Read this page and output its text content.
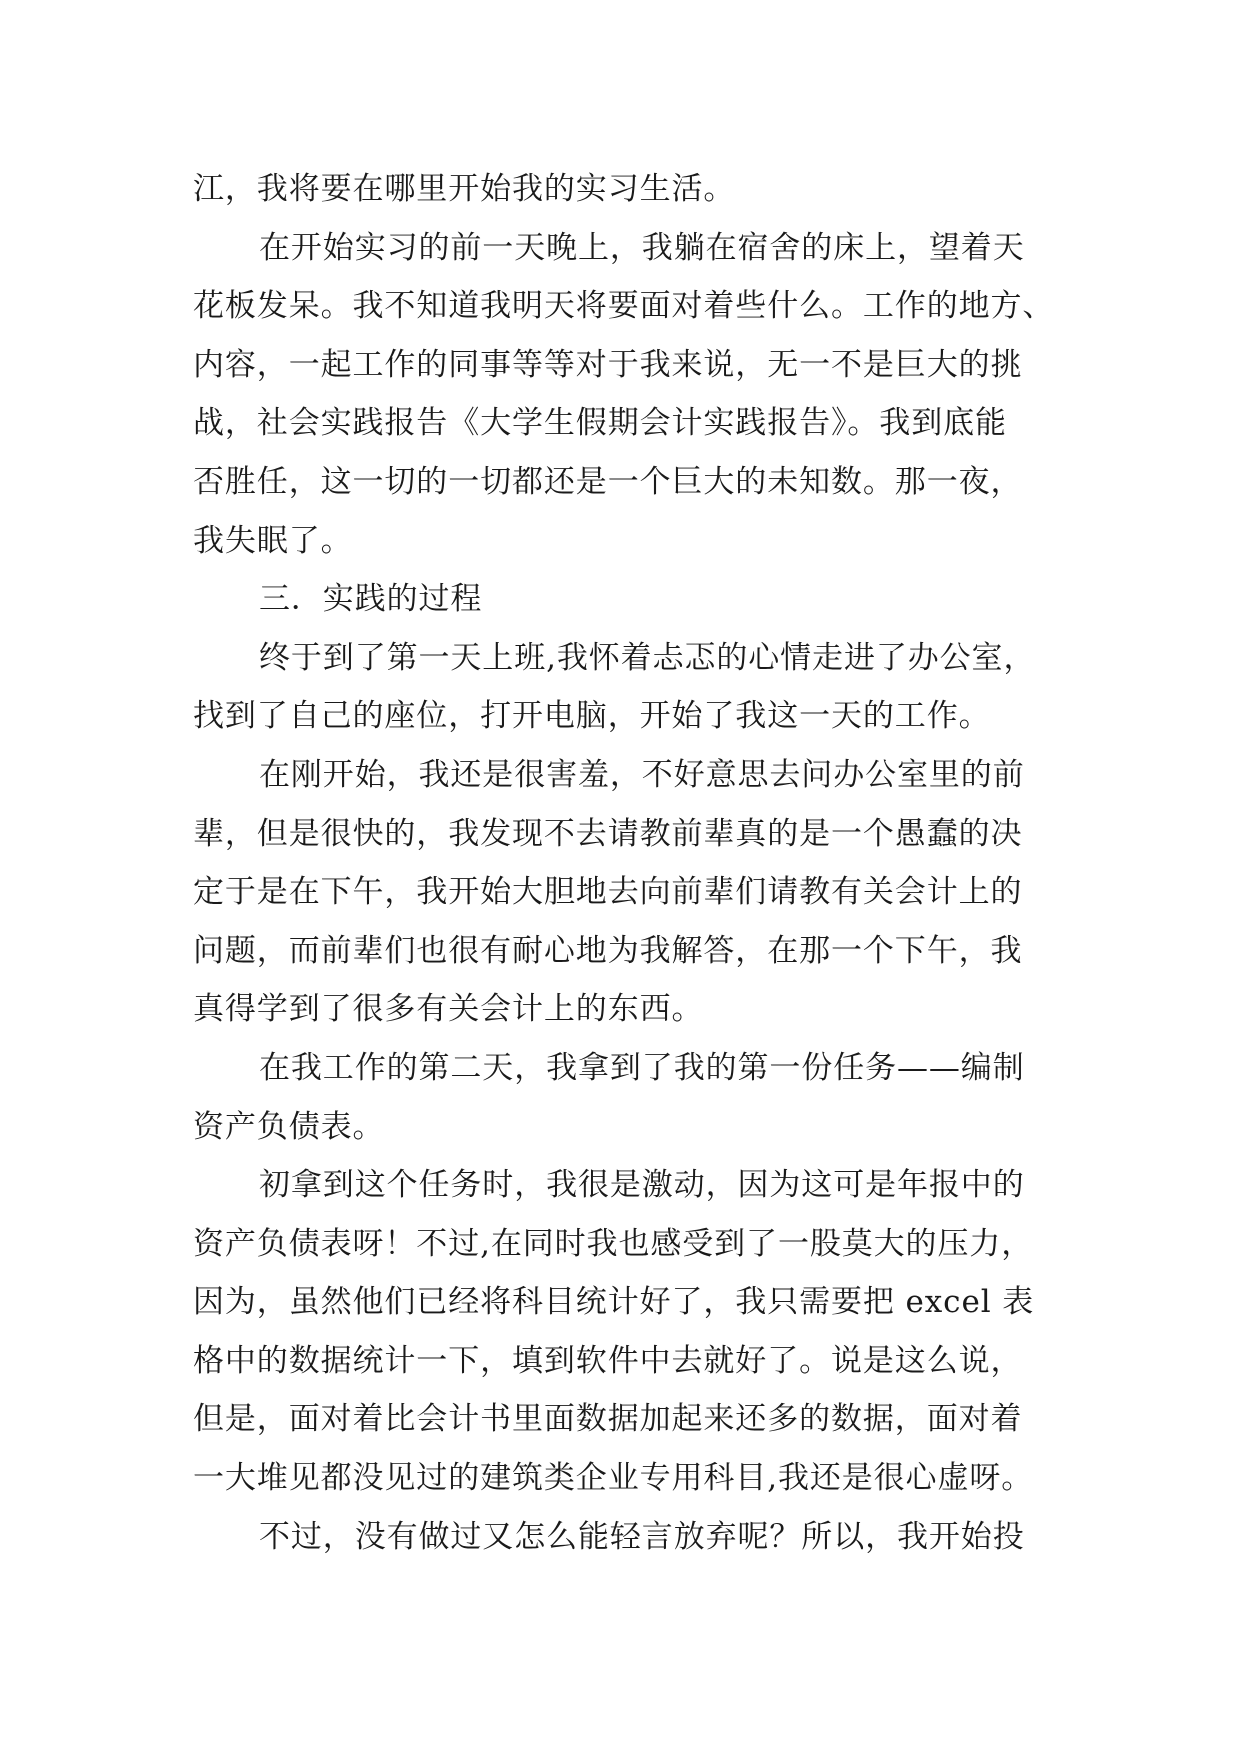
江，我将要在哪里开始我的实习生活。
在开始实习的前一天晚上，我躺在宿舍的床上，望着天
花板发呆。我不知道我明天将要面对着些什么。工作的地方、
内容，一起工作的同事等等对于我来说，无一不是巨大的挑
战，社会实践报告《大学生假期会计实践报告》。我到底能
否胜任，这一切的一切都还是一个巨大的未知数。那一夜，
我失眠了。
三．实践的过程
终于到了第一天上班,我怀着忐忑的心情走进了办公室，
找到了自己的座位，打开电脑，开始了我这一天的工作。
在刚开始，我还是很害羞，不好意思去问办公室里的前
辈，但是很快的，我发现不去请教前辈真的是一个愚蠢的决
定于是在下午，我开始大胆地去向前辈们请教有关会计上的
问题，而前辈们也很有耐心地为我解答，在那一个下午，我
真得学到了很多有关会计上的东西。
在我工作的第二天，我拿到了我的第一份任务——编制
资产负债表。
初拿到这个任务时，我很是激动，因为这可是年报中的
资产负债表呀！不过,在同时我也感受到了一股莫大的压力，
因为，虽然他们已经将科目统计好了，我只需要把 excel 表
格中的数据统计一下，填到软件中去就好了。说是这么说，
但是，面对着比会计书里面数据加起来还多的数据，面对着
一大堆见都没见过的建筑类企业专用科目,我还是很心虚呀。
不过，没有做过又怎么能轻言放弃呢？所以，我开始投
